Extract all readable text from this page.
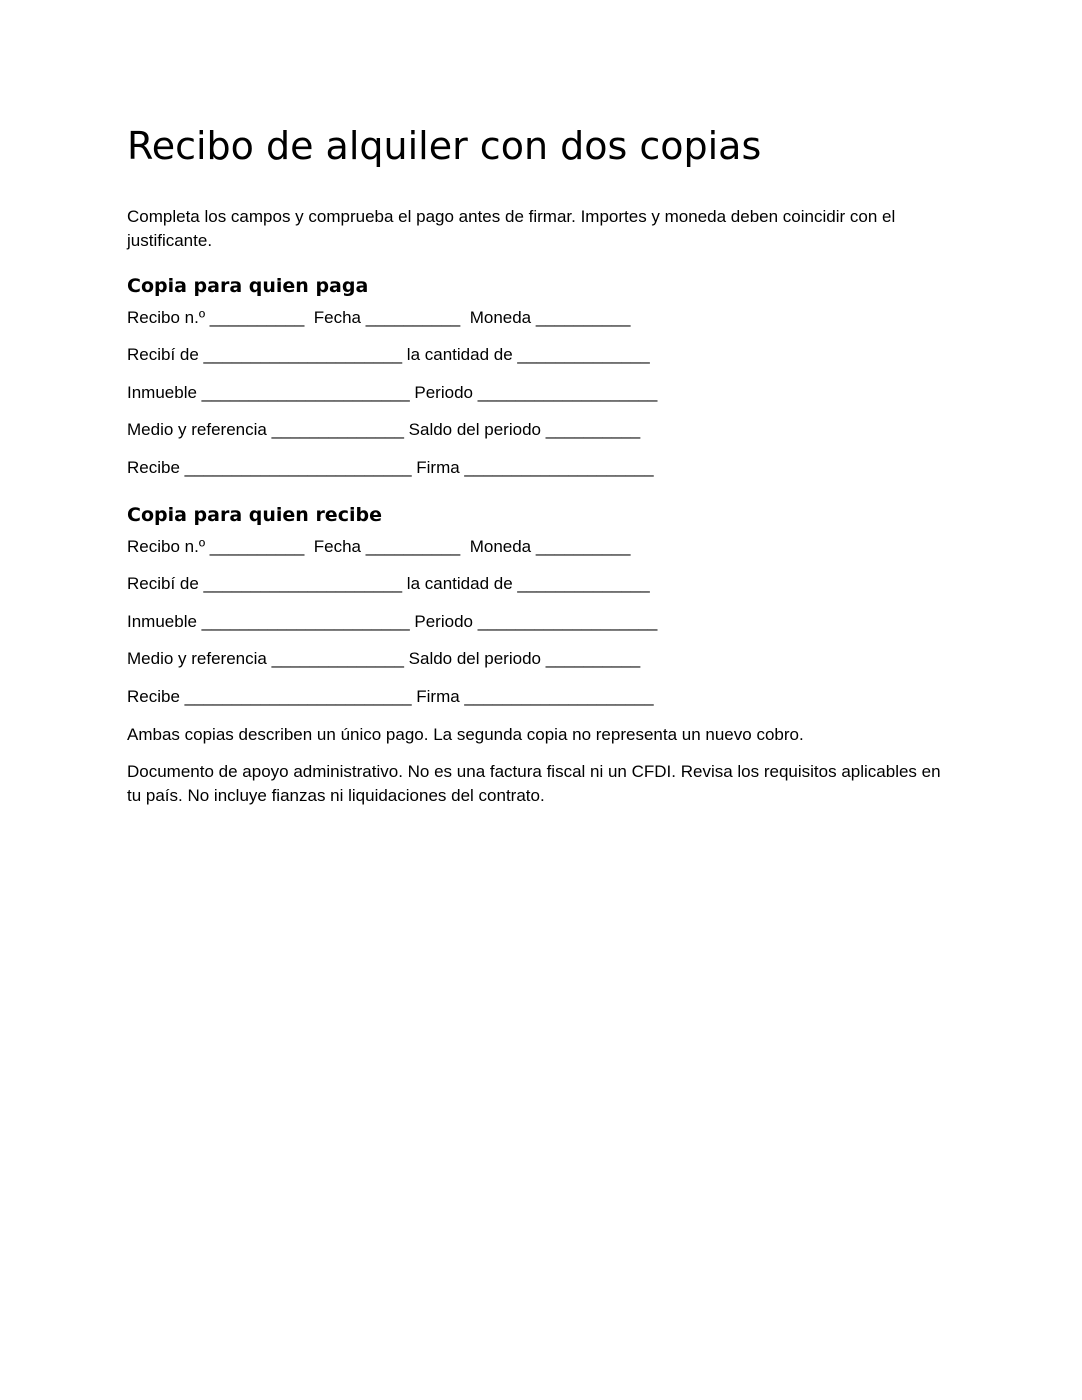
Recibo de alquiler con dos copias

Completa los campos y comprueba el pago antes de firmar. Importes y moneda deben coincidir con el justificante.

Copia para quien paga

Recibo n.º __________  Fecha __________  Moneda __________

Recibí de _____________________ la cantidad de ______________

Inmueble ______________________ Periodo ___________________

Medio y referencia ______________ Saldo del periodo __________

Recibe ________________________ Firma ____________________

Copia para quien recibe

Recibo n.º __________  Fecha __________  Moneda __________

Recibí de _____________________ la cantidad de ______________

Inmueble ______________________ Periodo ___________________

Medio y referencia ______________ Saldo del periodo __________

Recibe ________________________ Firma ____________________

Ambas copias describen un único pago. La segunda copia no representa un nuevo cobro.

Documento de apoyo administrativo. No es una factura fiscal ni un CFDI. Revisa los requisitos aplicables en tu país. No incluye fianzas ni liquidaciones del contrato.
